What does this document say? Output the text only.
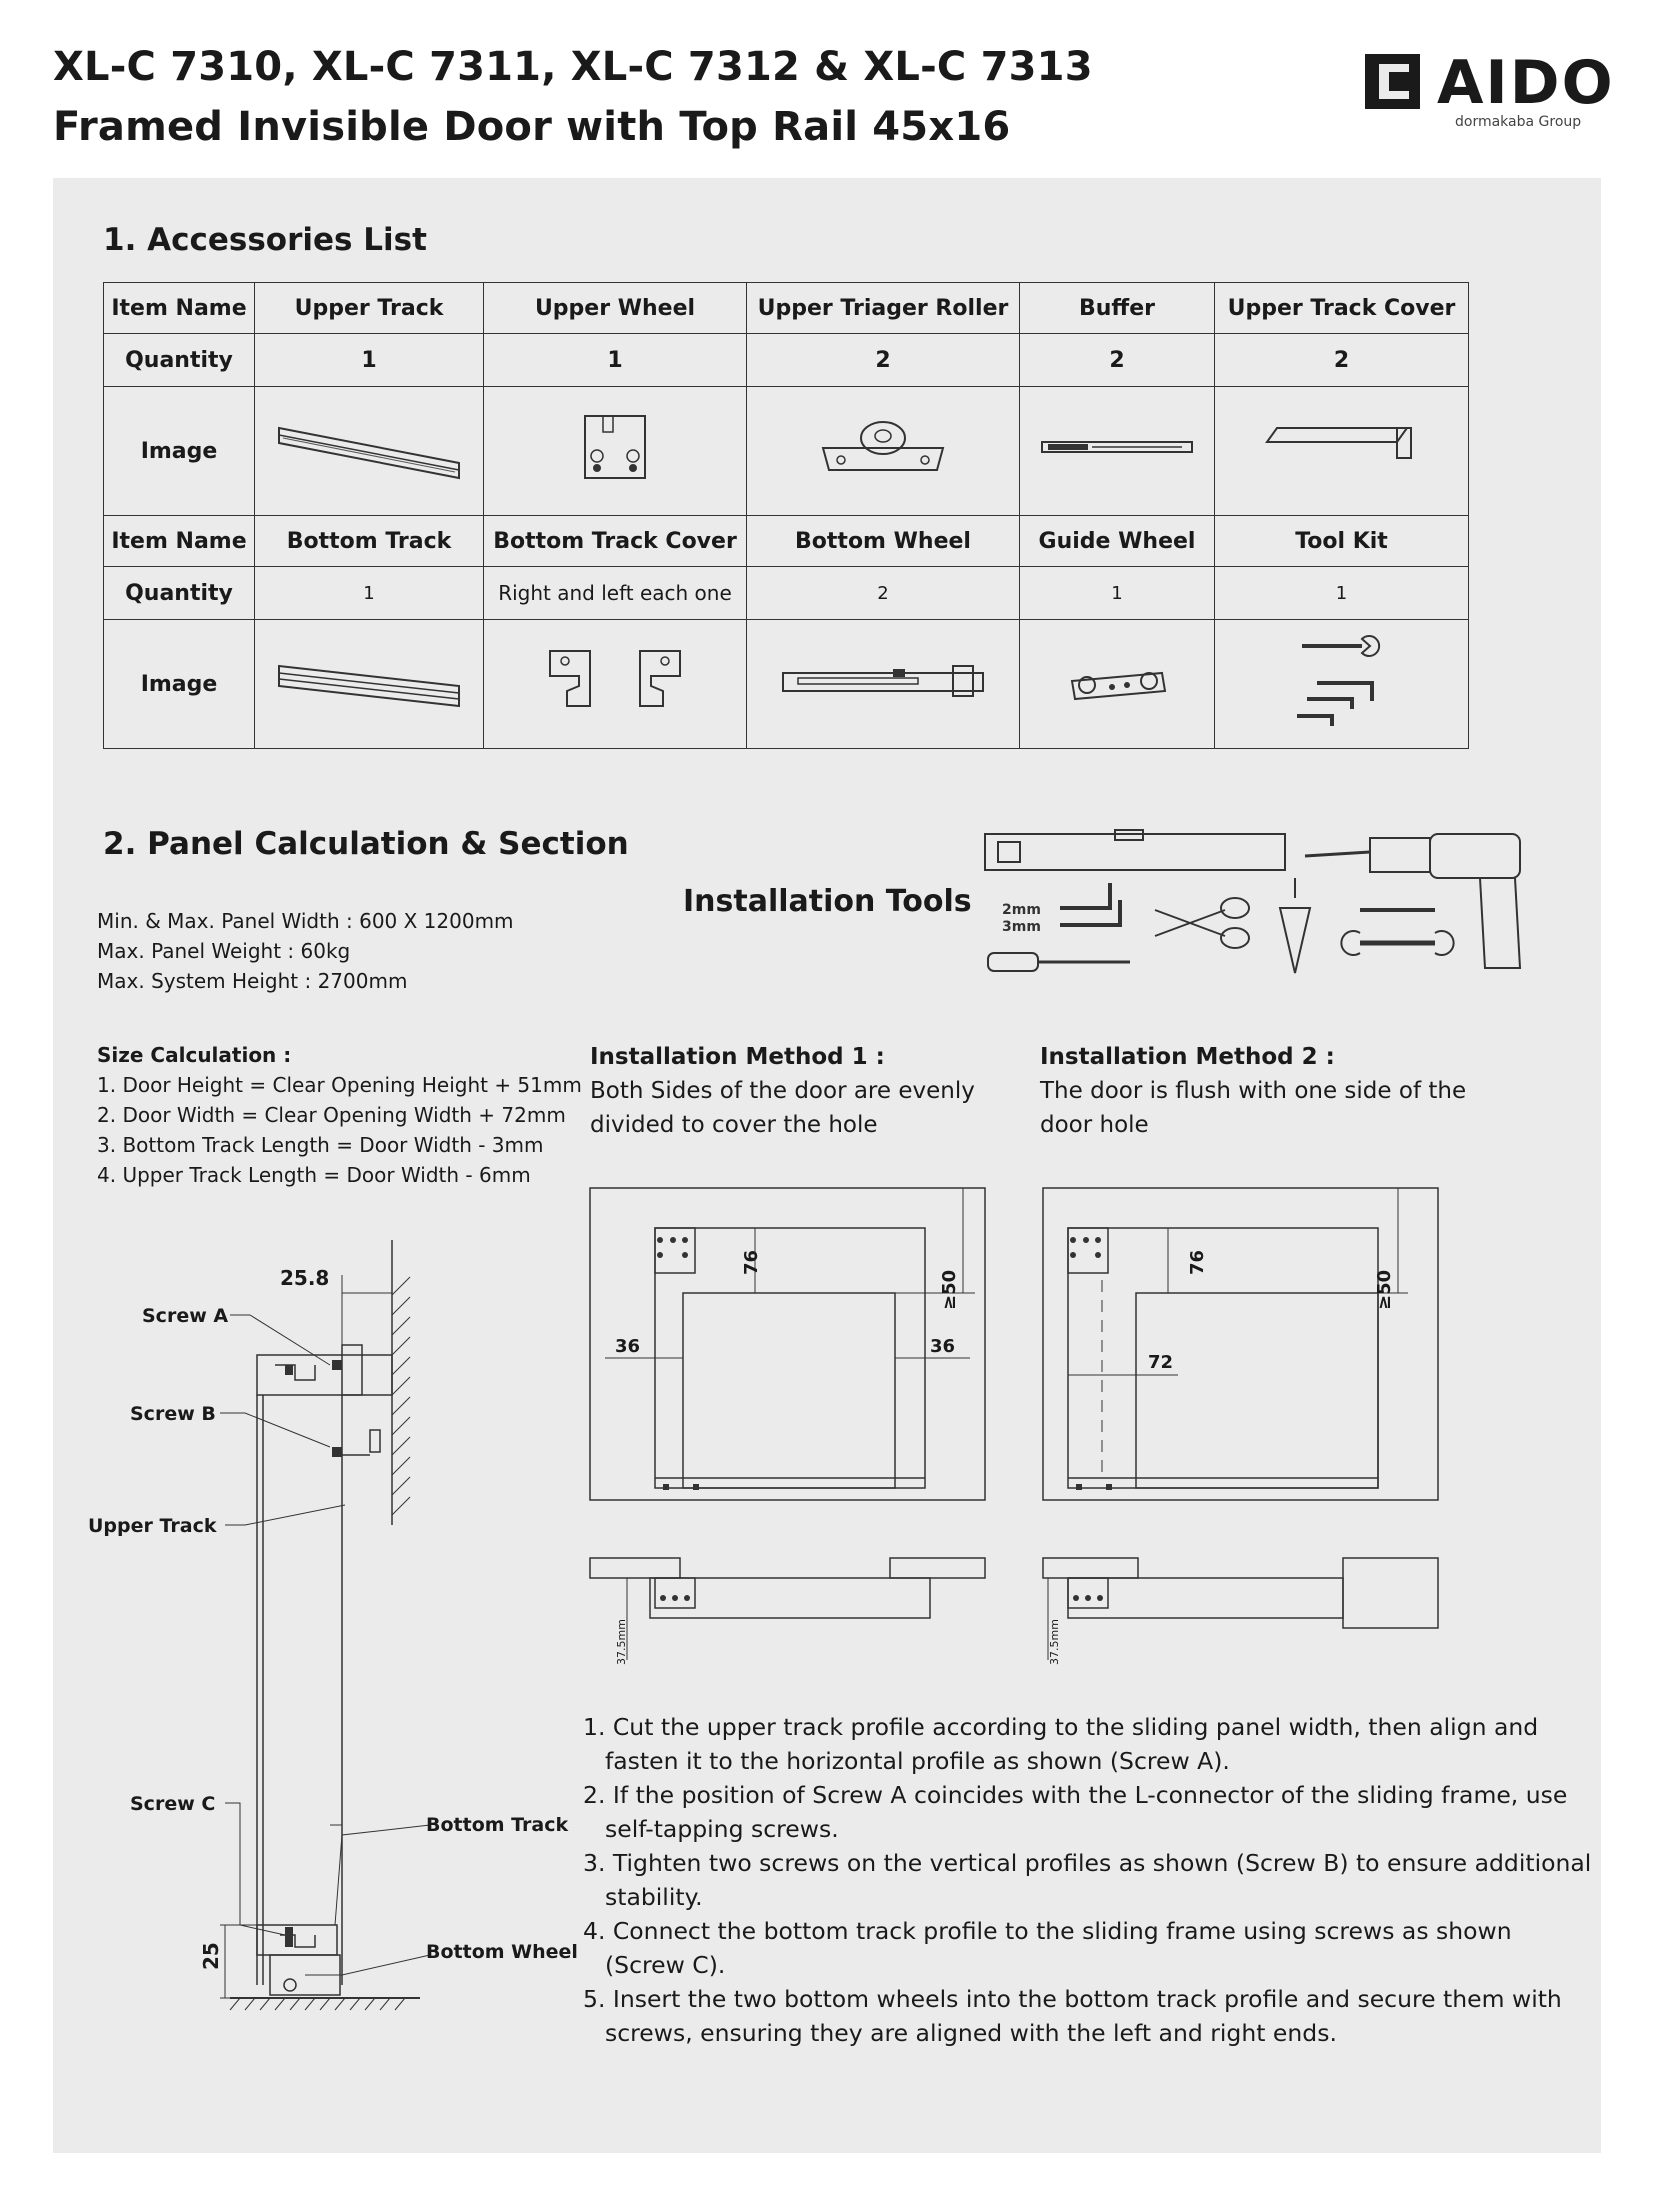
XL-C 7310, XL-C 7311, XL-C 7312 & XL-C 7313
Framed Invisible Door with Top Rail 45x16
AIDO
dormakaba Group
1. Accessories List
Item Name	Upper Track	Upper Wheel	Upper Triager Roller	Buffer	Upper Track Cover
Quantity	1	1	2	2	2
Image					
Item Name	Bottom Track	Bottom Track Cover	Bottom Wheel	Guide Wheel	Tool Kit
Quantity	1	Right and left each one	2	1	1
Image					
2. Panel Calculation & Section
Min. & Max. Panel Width : 600 X 1200mm
Max. Panel Weight : 60kg
Max. System Height : 2700mm
Size Calculation :
1. Door Height = Clear Opening Height + 51mm
2. Door Width = Clear Opening Width + 72mm
3. Bottom Track Length = Door Width - 3mm
4. Upper Track Length = Door Width - 6mm
Installation Tools 2mm
3mm
25.8
25
Screw A
Screw B
Upper Track
Screw C
Bottom Track
Bottom Wheel
Installation Method 1 :
Both Sides of the door are evenly
divided to cover the hole
Installation Method 2 :
The door is flush with one side of the
door hole
76
≥50
36	36
37.5mm
76
≥50
72
37.5mm
1. Cut the upper track profile according to the sliding panel width, then align and fasten it to the horizontal profile as shown (Screw A).
2. If the position of Screw A coincides with the L-connector of the sliding frame, use self-tapping screws.
3. Tighten two screws on the vertical profiles as shown (Screw B) to ensure additional stability.
4. Connect the bottom track profile to the sliding frame using screws as shown (Screw C).
5. Insert the two bottom wheels into the bottom track profile and secure them with screws, ensuring they are aligned with the left and right ends.
